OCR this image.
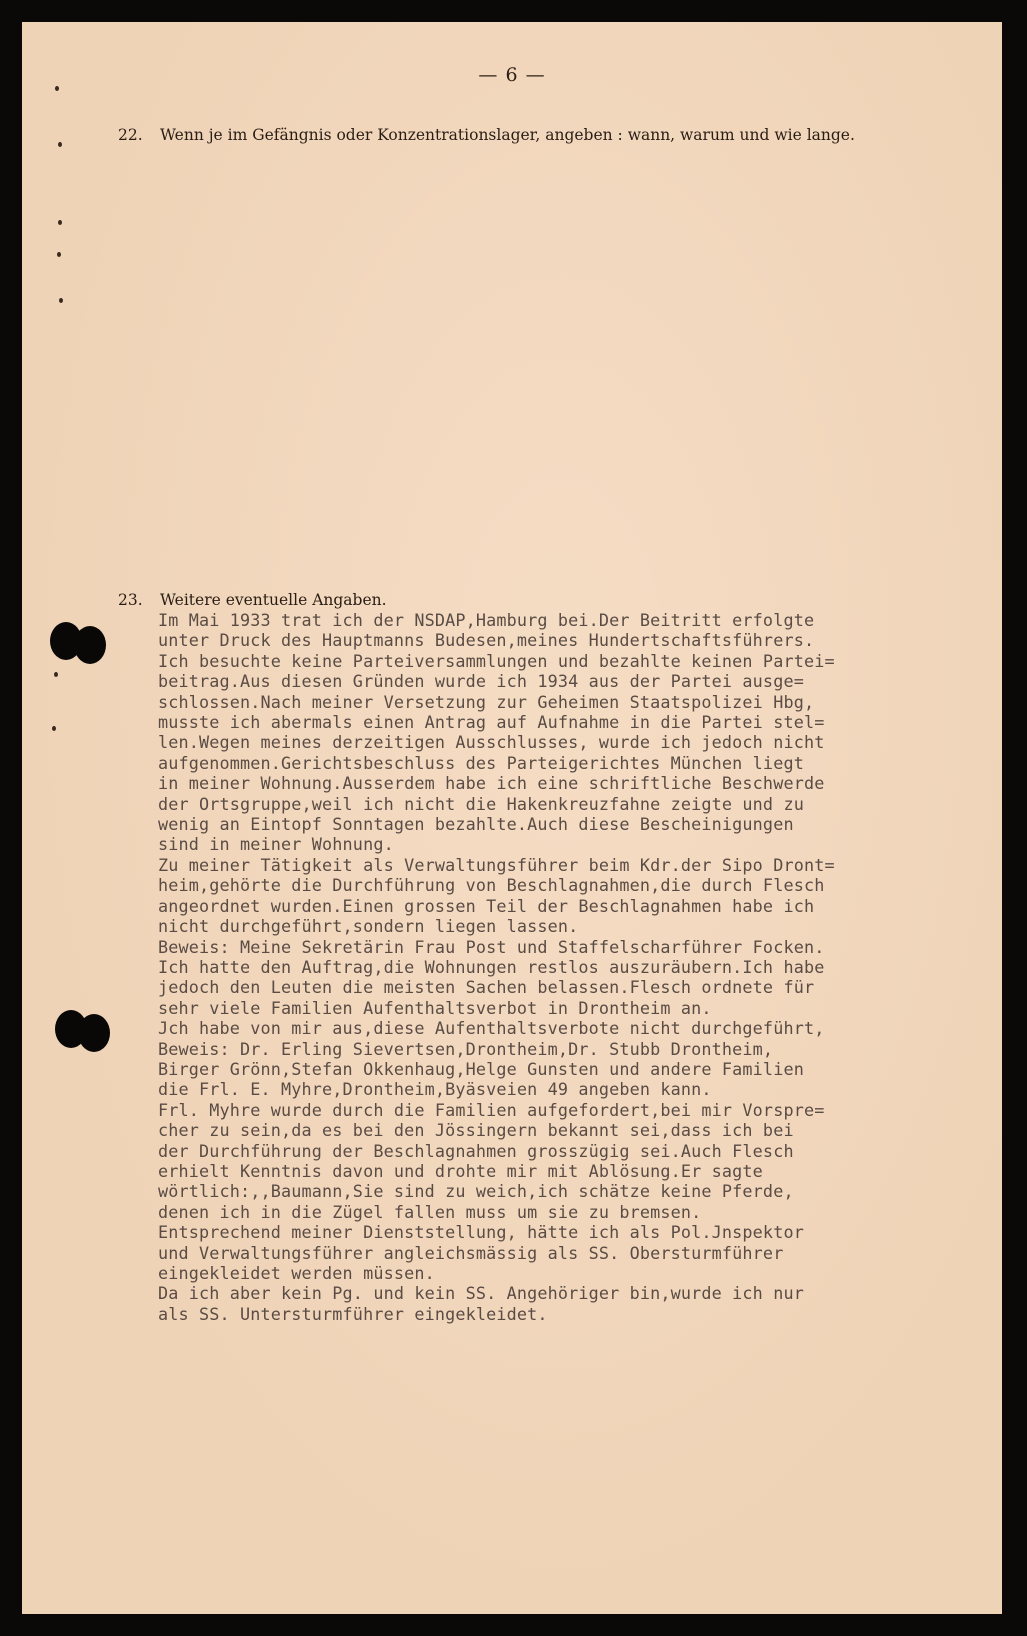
— 6 —
22. Wenn je im Gefängnis oder Konzentrationslager, angeben : wann, warum und wie lange.
23. Weitere eventuelle Angaben.
Im Mai 1933 trat ich der NSDAP,Hamburg bei.Der Beitritt erfolgte
unter Druck des Hauptmanns Budesen,meines Hundertschaftsführers.
Ich besuchte keine Parteiversammlungen und bezahlte keinen Partei=
beitrag.Aus diesen Gründen wurde ich 1934 aus der Partei ausge=
schlossen.Nach meiner Versetzung zur Geheimen Staatspolizei Hbg,
musste ich abermals einen Antrag auf Aufnahme in die Partei stel=
len.Wegen meines derzeitigen Ausschlusses, wurde ich jedoch nicht
aufgenommen.Gerichtsbeschluss des Parteigerichtes München liegt
in meiner Wohnung.Ausserdem habe ich eine schriftliche Beschwerde
der Ortsgruppe,weil ich nicht die Hakenkreuzfahne zeigte und zu
wenig an Eintopf Sonntagen bezahlte.Auch diese Bescheinigungen
sind in meiner Wohnung.
Zu meiner Tätigkeit als Verwaltungsführer beim Kdr.der Sipo Dront=
heim,gehörte die Durchführung von Beschlagnahmen,die durch Flesch
angeordnet wurden.Einen grossen Teil der Beschlagnahmen habe ich
nicht durchgeführt,sondern liegen lassen.
Beweis: Meine Sekretärin Frau Post und Staffelscharführer Focken.
Ich hatte den Auftrag,die Wohnungen restlos auszuräubern.Ich habe
jedoch den Leuten die meisten Sachen belassen.Flesch ordnete für
sehr viele Familien Aufenthaltsverbot in Drontheim an.
Jch habe von mir aus,diese Aufenthaltsverbote nicht durchgeführt,
Beweis: Dr. Erling Sievertsen,Drontheim,Dr. Stubb Drontheim,
Birger Grönn,Stefan Okkenhaug,Helge Gunsten und andere Familien
die Frl. E. Myhre,Drontheim,Byäsveien 49 angeben kann.
Frl. Myhre wurde durch die Familien aufgefordert,bei mir Vorspre=
cher zu sein,da es bei den Jössingern bekannt sei,dass ich bei
der Durchführung der Beschlagnahmen grosszügig sei.Auch Flesch
erhielt Kenntnis davon und drohte mir mit Ablösung.Er sagte
wörtlich:,,Baumann,Sie sind zu weich,ich schätze keine Pferde,
denen ich in die Zügel fallen muss um sie zu bremsen.
Entsprechend meiner Dienststellung, hätte ich als Pol.Jnspektor
und Verwaltungsführer angleichsmässig als SS. Obersturmführer
eingekleidet werden müssen.
Da ich aber kein Pg. und kein SS. Angehöriger bin,wurde ich nur
als SS. Untersturmführer eingekleidet.
